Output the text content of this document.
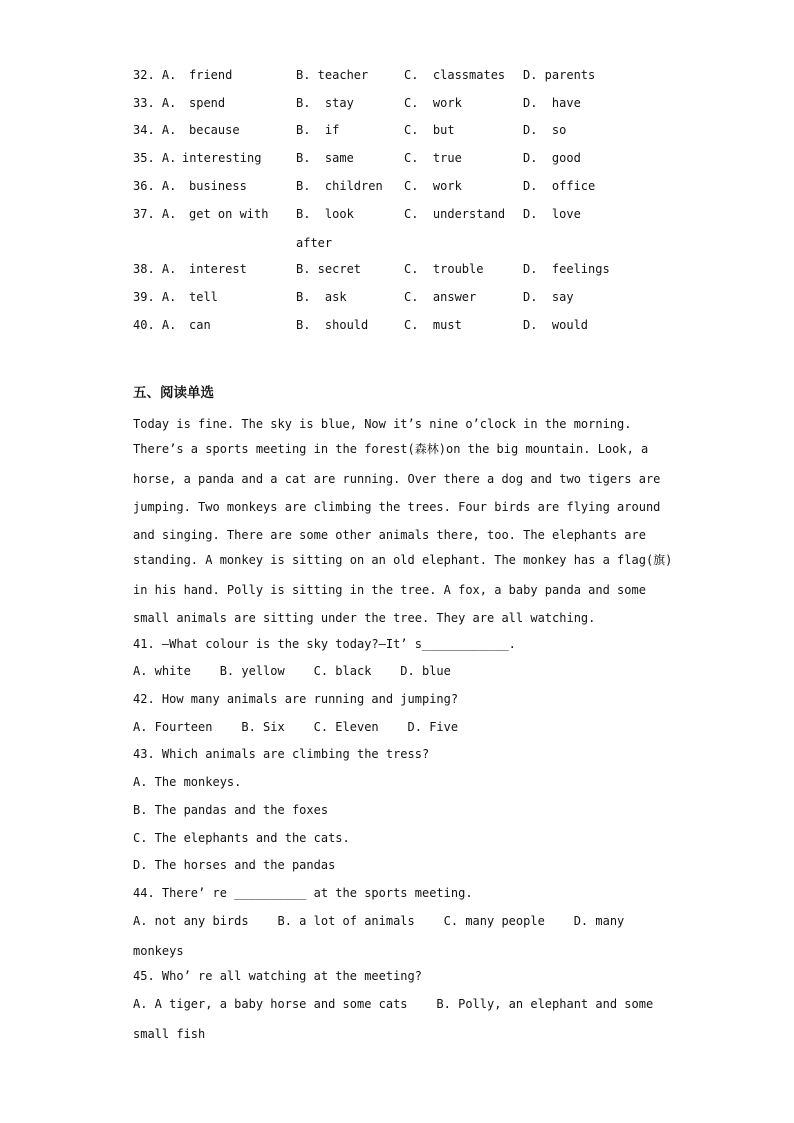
32. A. friend	B. teacher	C.  classmates D. parents
33. A. spend	B.  stay	C.  work	D.  have
34. A. because	B.  if	C.  but	D.  so
35. A. interesting	B.  same	C.  true	D.  good
36. A. business	B.  children C.  work	D.  office
37. A. get on with B.  look	C.  understand D.  love
after
38. A. interest	B. secret	C.  trouble	D.  feelings
39. A. tell	B.  ask	C.  answer	D.  say
40. A. can	B.  should	C.  must	D.  would
五、阅读单选
Today is fine. The sky is blue, Now it’s nine o’clock in the morning.
There’s a sports meeting in the forest(森林)on the big mountain. Look, a
horse, a panda and a cat are running. Over there a dog and two tigers are
jumping. Two monkeys are climbing the trees. Four birds are flying around
and singing. There are some other animals there, too. The elephants are
standing. A monkey is sitting on an old elephant. The monkey has a flag(旗)
in his hand. Polly is sitting in the tree. A fox, a baby panda and some
small animals are sitting under the tree. They are all watching.
41. —What colour is the sky today?—It’ s____________.
A. white    B. yellow    C. black    D. blue
42. How many animals are running and jumping?
A. Fourteen    B. Six    C. Eleven    D. Five
43. Which animals are climbing the tress?
A. The monkeys.
B. The pandas and the foxes
C. The elephants and the cats.
D. The horses and the pandas
44. There’ re __________ at the sports meeting.
A. not any birds    B. a lot of animals    C. many people    D. many
monkeys
45. Who’ re all watching at the meeting?
A. A tiger, a baby horse and some cats    B. Polly, an elephant and some
small fish
